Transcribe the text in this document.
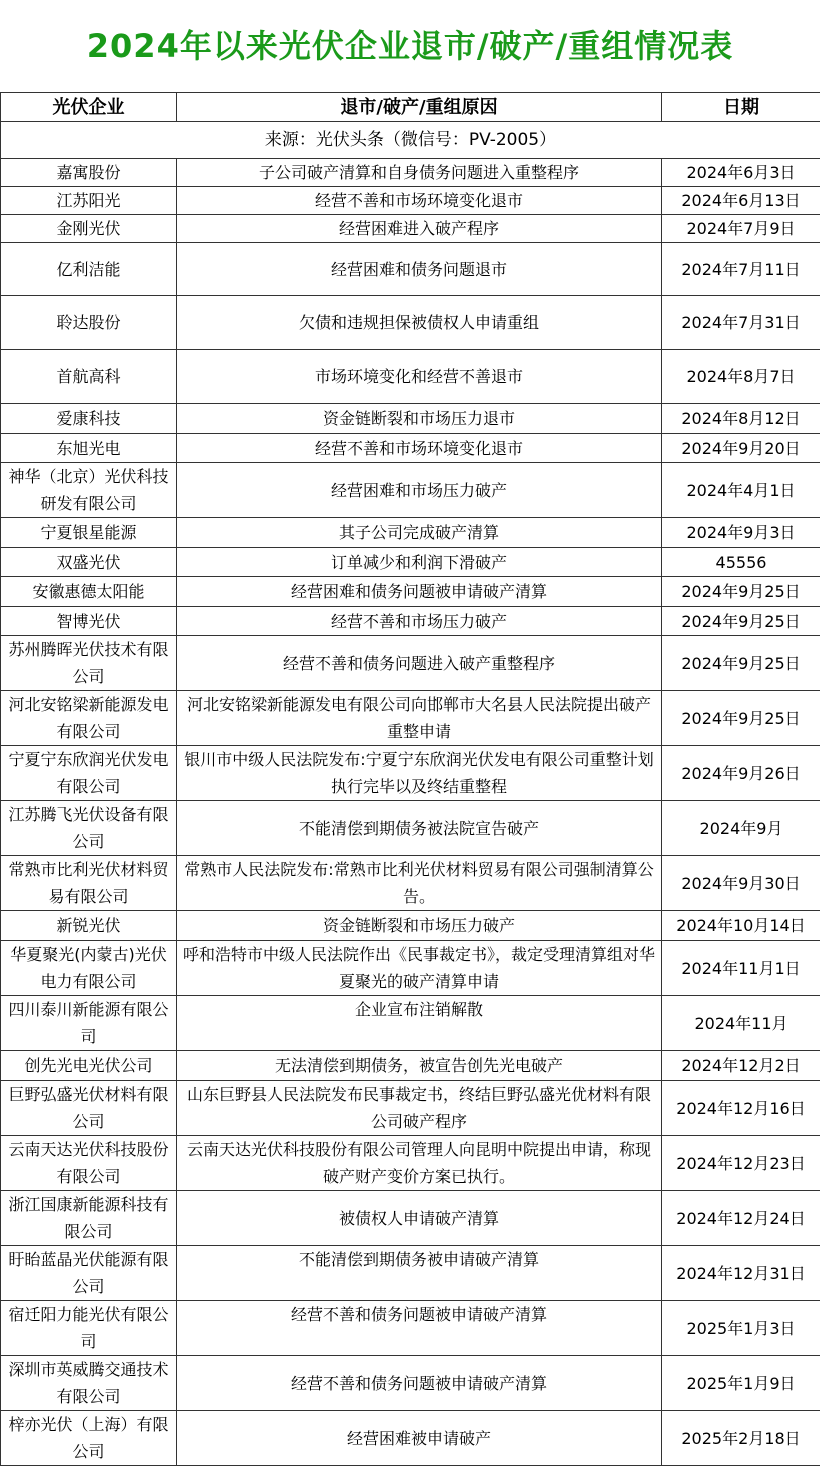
2024年以来光伏企业退市/破产/重组情况表
光伏企业	退市/破产/重组原因	日期
来源：光伏头条（微信号：PV-2005）		
嘉寓股份	子公司破产清算和自身债务问题进入重整程序	2024年6月3日
江苏阳光	经营不善和市场环境变化退市	2024年6月13日
金刚光伏	经营困难进入破产程序	2024年7月9日
亿利洁能	经营困难和债务问题退市	2024年7月11日
聆达股份	欠债和违规担保被债权人申请重组	2024年7月31日
首航高科	市场环境变化和经营不善退市	2024年8月7日
爱康科技	资金链断裂和市场压力退市	2024年8月12日
东旭光电	经营不善和市场环境变化退市	2024年9月20日
神华（北京）光伏科技研发有限公司	经营困难和市场压力破产	2024年4月1日
宁夏银星能源	其子公司完成破产清算	2024年9月3日
双盛光伏	订单减少和利润下滑破产	45556
安徽惠德太阳能	经营困难和债务问题被申请破产清算	2024年9月25日
智博光伏	经营不善和市场压力破产	2024年9月25日
苏州腾晖光伏技术有限公司	经营不善和债务问题进入破产重整程序	2024年9月25日
河北安铭梁新能源发电有限公司	河北安铭梁新能源发电有限公司向邯郸市大名县人民法院提出破产重整申请	2024年9月25日
宁夏宁东欣润光伏发电有限公司	银川市中级人民法院发布:宁夏宁东欣润光伏发电有限公司重整计划执行完毕以及终结重整程	2024年9月26日
江苏腾飞光伏设备有限公司	不能清偿到期债务被法院宣告破产	2024年9月
常熟市比利光伏材料贸易有限公司	常熟市人民法院发布:常熟市比利光伏材料贸易有限公司强制清算公告。	2024年9月30日
新锐光伏	资金链断裂和市场压力破产	2024年10月14日
华夏聚光(内蒙古)光伏电力有限公司	呼和浩特市中级人民法院作出《民事裁定书》，裁定受理清算组对华夏聚光的破产清算申请	2024年11月1日
四川泰川新能源有限公司	企业宣布注销解散	2024年11月
创先光电光伏公司	无法清偿到期债务，被宣告创先光电破产	2024年12月2日
巨野弘盛光伏材料有限公司	山东巨野县人民法院发布民事裁定书，终结巨野弘盛光优材料有限公司破产程序	2024年12月16日
云南天达光伏科技股份有限公司	云南天达光伏科技股份有限公司管理人向昆明中院提出申请，称现破产财产变价方案已执行。	2024年12月23日
浙江国康新能源科技有限公司	被债权人申请破产清算	2024年12月24日
盱眙蓝晶光伏能源有限公司	不能清偿到期债务被申请破产清算	2024年12月31日
宿迁阳力能光伏有限公司	经营不善和债务问题被申请破产清算	2025年1月3日
深圳市英威腾交通技术有限公司	经营不善和债务问题被申请破产清算	2025年1月9日
梓亦光伏（上海）有限公司	经营困难被申请破产	2025年2月18日
